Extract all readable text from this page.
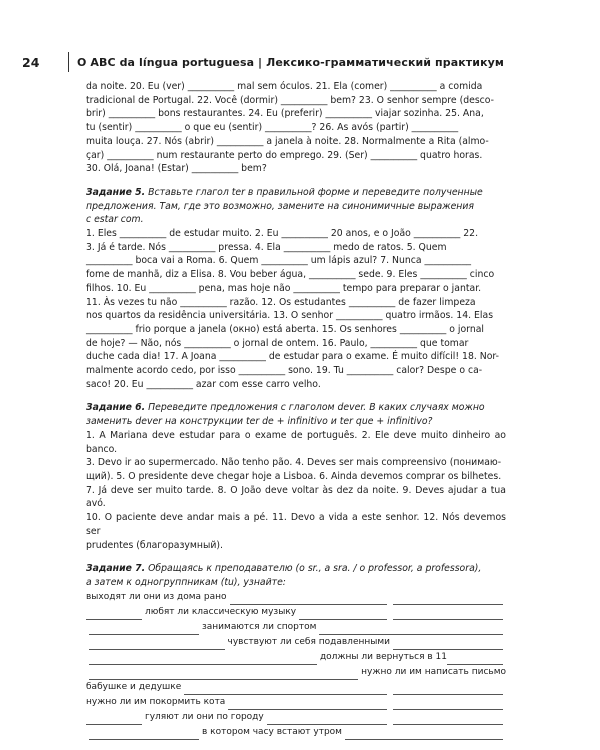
24	O ABC da língua portuguesa | Лексико-грамматический практикум
da noite. 20. Eu (ver) __________ mal sem óculos. 21. Ela (comer) __________ a comida
tradicional de Portugal. 22. Você (dormir) __________ bem? 23. O senhor sempre (desco-
brir) __________ bons restaurantes. 24. Eu (preferir) __________ viajar sozinha. 25. Ana,
tu (sentir) __________ o que eu (sentir) __________? 26. As avós (partir) __________
muita louça. 27. Nós (abrir) __________ a janela à noite. 28. Normalmente a Rita (almo-
çar) __________ num restaurante perto do emprego. 29. (Ser) __________ quatro horas.
30. Olá, Joana! (Estar) __________ bem?
Задание 5. Вставьте глагол ter в правильной форме и переведите полученные
предложения. Там, где это возможно, замените на синонимичные выражения
с estar com.
1. Eles __________ de estudar muito. 2. Eu __________ 20 anos, e o João __________ 22.
3. Já é tarde. Nós __________ pressa. 4. Ela __________ medo de ratos. 5. Quem
__________ boca vai a Roma. 6. Quem __________ um lápis azul? 7. Nunca __________
fome de manhã, diz a Elisa. 8. Vou beber água, __________ sede. 9. Eles __________ cinco
filhos. 10. Eu __________ pena, mas hoje não __________ tempo para preparar o jantar.
11. Às vezes tu não __________ razão. 12. Os estudantes __________ de fazer limpeza
nos quartos da residência universitária. 13. O senhor __________ quatro irmãos. 14. Elas
__________ frio porque a janela (окно) está aberta. 15. Os senhores __________ o jornal
de hoje? — Não, nós __________ o jornal de ontem. 16. Paulo, __________ que tomar
duche cada dia! 17. A Joana __________ de estudar para o exame. É muito difícil! 18. Nor-
malmente acordo cedo, por isso __________ sono. 19. Tu __________ calor? Despe o ca-
saco! 20. Eu __________ azar com esse carro velho.
Задание 6. Переведите предложения с глаголом dever. В каких случаях можно
заменить dever на конструкции ter de + infinitivo и ter que + infinitivo?
1. A Mariana deve estudar para o exame de português. 2. Ele deve muito dinheiro ao banco.
3. Devo ir ao supermercado. Não tenho pão. 4. Deves ser mais compreensivo (понимаю-
щий). 5. O presidente deve chegar hoje a Lisboa. 6. Ainda devemos comprar os bilhetes.
7. Já deve ser muito tarde. 8. O João deve voltar às dez da noite. 9. Deves ajudar a tua avó.
10. O paciente deve andar mais a pé. 11. Devo a vida a este senhor. 12. Nós devemos ser
prudentes (благоразумный).
Задание 7. Обращаясь к преподавателю (o sr., a sra. / o professor, a professora),
а затем к одногруппникам (tu), узнайте:
выходят ли они из дома рано
любят ли классическую музыку
занимаются ли спортом
чувствуют ли себя подавленными
должны ли вернуться в 11
нужно ли им написать письмо
бабушке и дедушке
нужно ли им покормить кота
гуляют ли они по городу
в котором часу встают утром
